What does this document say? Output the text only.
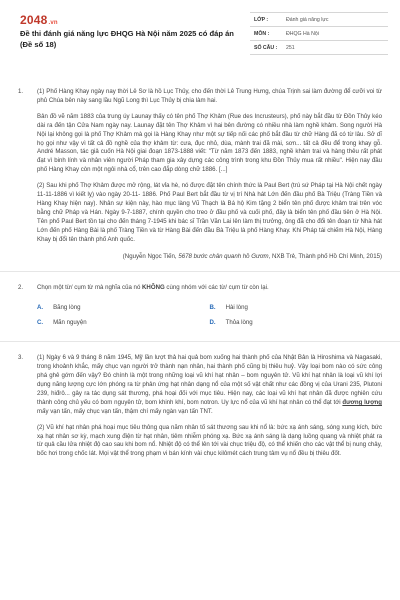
2048.vn
Đề thi đánh giá năng lực ĐHQG Hà Nội năm 2025 có đáp án (Đề số 18)
LỚP :	Đánh giá năng lực
MÔN :	ĐHQG Hà Nội
SỐ CÂU :	251
1. (1) Phố Hàng Khay ngày nay thời Lê Sơ là hồ Lục Thủy, cho đến thời Lê Trung Hưng, chúa Trịnh sai làm đường để cưỡi voi từ phủ Chúa bên này sang lầu Ngũ Long thì Lục Thủy bị chia làm hai.

Bản đồ vẽ năm 1883 của trung úy Launay thấy có tên phố Thợ Khảm (Rue des Incrusteurs), phố này bắt đầu từ Đồn Thủy kéo dài ra đến tận Cửa Nam ngày nay. Launay đặt tên Thợ Khảm vì hai bên đường có nhiều nhà làm nghề khảm. Song người Hà Nội lại không gọi là phố Thợ Khảm mà gọi là Hàng Khay như một sự tiếp nối các phố bắt đầu từ chữ Hàng đã có từ lâu. Sở dĩ họ gọi như vậy vì tất cả đồ nghề của thợ khảm từ: cưa, đục nhỏ, dùa, mành trai đã mài, sơn... tất cả đều để trong khay gỗ. André Masson, tác giả cuốn Hà Nội giai đoạn 1873-1888 viết: "Từ năm 1873 đến 1883, nghề khảm trai và hàng thêu rất phát đạt vì binh lính và nhân viên người Pháp tham gia xây dựng các công trình trong khu Đồn Thủy mua rất nhiều". Hiện nay đầu phố Hàng Khay còn một ngôi nhà cổ, trên cao đắp dòng chữ 1886. [...]

(2) Sau khi phố Thợ Khảm được mở rộng, lát vỉa hè, nó được đặt tên chính thức là Paul Bert (trú sứ Pháp tại Hà Nội chết ngày 11-11-1886 vì kiết lỵ) vào ngày 20-11- 1886. Phố Paul Bert bắt đầu từ vị trí Nhà hát Lớn đến đầu phố Bà Triệu (Tràng Tiền và Hàng Khay hiện nay). Nhân sự kiện này, hào mục làng Vũ Thạch là Bá hộ Kim tặng 2 biển tên phố được khảm trai trên vóc bằng chữ Pháp và Hán. Ngày 9-7-1887, chính quyền cho treo ở đầu phố và cuối phố, đây là biển tên phố đầu tiên ở Hà Nội. Tên phố Paul Bert tồn tại cho đến tháng 7-1945 khi bác sĩ Trần Văn Lai lên làm thị trưởng, ông đã cho đổi tên đoạn từ Nhà hát Lớn đến phố Hàng Bài là phố Tràng Tiền và từ Hàng Bài đến đầu Bà Triệu là phố Hàng Khay. Khi Pháp tái chiếm Hà Nội, Hàng Khay bị đổi tên thành phố Anh quốc.

(Nguyễn Ngọc Tiến, 5678 bước chân quanh hồ Gươm, NXB Trẻ, Thành phố Hồ Chí Minh, 2015)

2. Chọn một từ/ cụm từ mà nghĩa của nó KHÔNG cùng nhóm với các từ/ cụm từ còn lại.
A. Băng lòng	B. Hài lòng
C. Mãn nguyện	D. Thỏa lòng
3. (1) Ngày 6 và 9 tháng 8 năm 1945, Mỹ lần lượt thả hai quả bom xuống hai thành phố của Nhật Bản là Hiroshima và Nagasaki, trong khoảnh khắc, mấy chục vạn người trở thành nạn nhân, hai thành phố cũng bị thiêu huỷ. Vậy loại bom nào có sức công phá ghê gớm đến vậy? Đó chính là một trong những loại vũ khí hạt nhân – bom nguyên tử. Vũ khí hạt nhân là loại vũ khí lợi dụng năng lượng cực lớn phóng ra từ phản ứng hạt nhân dạng nổ của một số vật chất như các đồng vị của Urani 235, Plutoni 239, hiđrô... gây ra tác dụng sát thương, phá hoại đối với mục tiêu. Hiện nay, các loại vũ khí hạt nhân đã được nghiên cứu thành công chủ yếu có bom nguyên tử, bom khinh khí, bom notron. Uy lực nổ của vũ khí hạt nhân có thể đạt tới đương lượng mấy vạn tấn, mấy chục vạn tấn, thậm chí mấy ngàn vạn tấn TNT.

(2) Vũ khí hạt nhân phá hoại mục tiêu thông qua năm nhân tố sát thương sau khi nổ là: bức xạ ánh sáng, sóng xung kích, bức xạ hạt nhân sơ kỳ, mạch xung điện từ hạt nhân, tiêm nhiễm phóng xạ. Bức xạ ánh sáng là dạng luồng quang và nhiệt phát ra từ quả cầu lửa nhiệt độ cao sau khi bom nổ. Nhiệt độ có thể lên tới vài chục triệu độ, có thể khiến cho các vật thể bị nung chảy, bốc hơi trong chốc lát. Mọi vật thể trong phạm vi bán kính vài chục kilômét cách trung tâm vụ nổ đều bị thiêu đốt.
